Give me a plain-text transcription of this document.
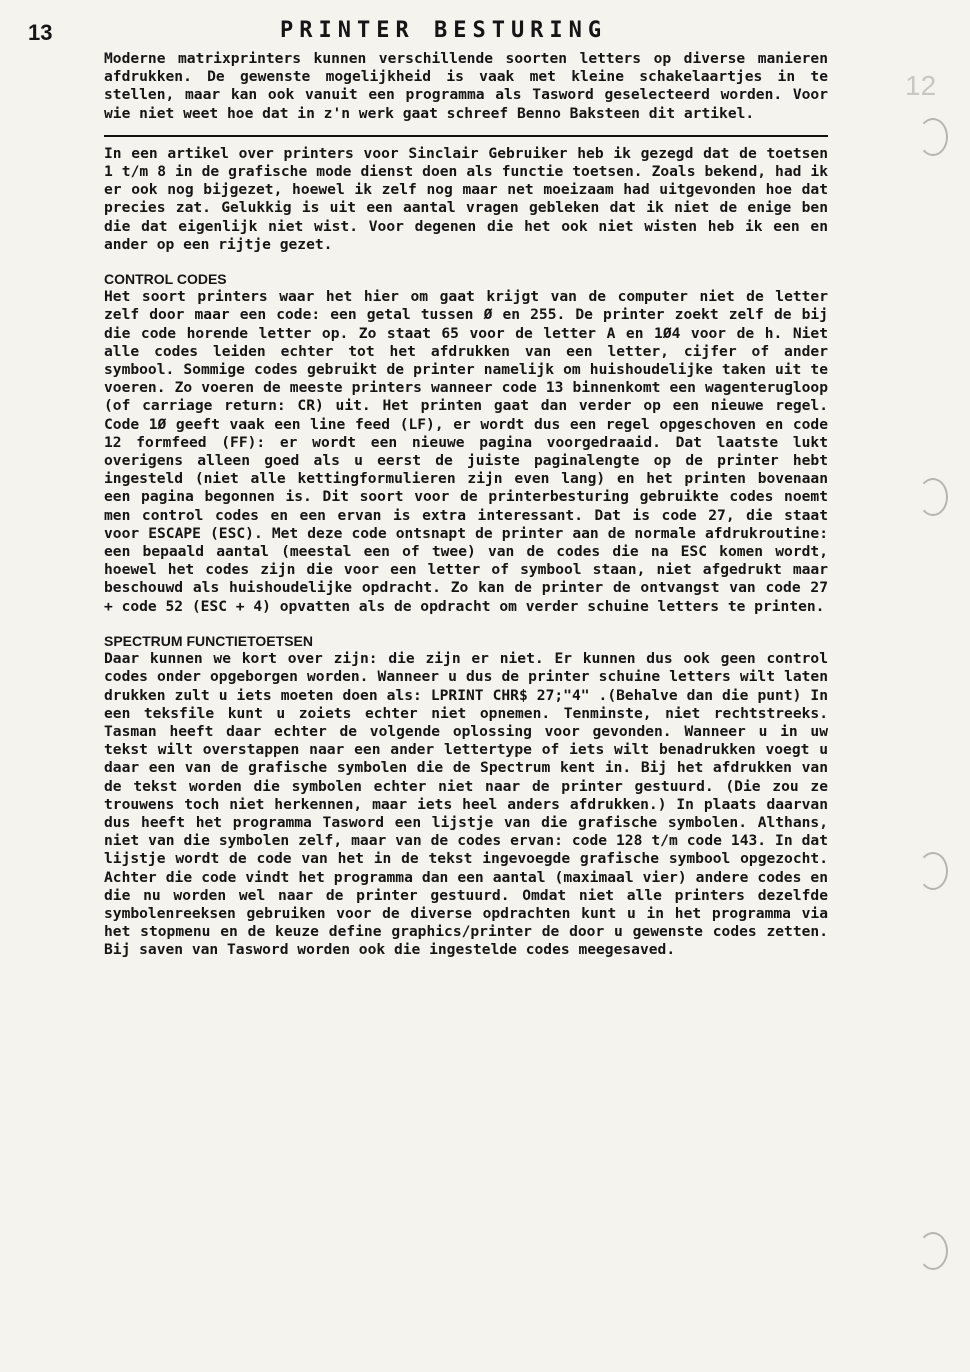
13	PRINTER BESTURING
12

Moderne matrixprinters kunnen verschillende soorten letters op diverse manieren afdrukken. De gewenste mogelijkheid is vaak met kleine schakelaartjes in te stellen, maar kan ook vanuit een programma als Tasword geselecteerd worden. Voor wie niet weet hoe dat in z'n werk gaat schreef Benno Baksteen dit artikel.

In een artikel over printers voor Sinclair Gebruiker heb ik gezegd dat de toetsen 1 t/m 8 in de grafische mode dienst doen als functie toetsen. Zoals bekend, had ik er ook nog bijgezet, hoewel ik zelf nog maar net moeizaam had uitgevonden hoe dat precies zat. Gelukkig is uit een aantal vragen gebleken dat ik niet de enige ben die dat eigenlijk niet wist. Voor degenen die het ook niet wisten heb ik een en ander op een rijtje gezet.

CONTROL CODES

Het soort printers waar het hier om gaat krijgt van de computer niet de letter zelf door maar een code: een getal tussen Ø en 255. De printer zoekt zelf de bij die code horende letter op. Zo staat 65 voor de letter A en 1Ø4 voor de h. Niet alle codes leiden echter tot het afdrukken van een letter, cijfer of ander symbool. Sommige codes gebruikt de printer namelijk om huishoudelijke taken uit te voeren. Zo voeren de meeste printers wanneer code 13 binnenkomt een wagenterugloop (of carriage return: CR) uit. Het printen gaat dan verder op een nieuwe regel. Code 1Ø geeft vaak een line feed (LF), er wordt dus een regel opgeschoven en code 12 formfeed (FF): er wordt een nieuwe pagina voorgedraaid. Dat laatste lukt overigens alleen goed als u eerst de juiste paginalengte op de printer hebt ingesteld (niet alle kettingformulieren zijn even lang) en het printen bovenaan een pagina begonnen is. Dit soort voor de printerbesturing gebruikte codes noemt men control codes en een ervan is extra interessant. Dat is code 27, die staat voor ESCAPE (ESC). Met deze code ontsnapt de printer aan de normale afdrukroutine: een bepaald aantal (meestal een of twee) van de codes die na ESC komen wordt, hoewel het codes zijn die voor een letter of symbool staan, niet afgedrukt maar beschouwd als huishoudelijke opdracht. Zo kan de printer de ontvangst van code 27 + code 52 (ESC + 4) opvatten als de opdracht om verder schuine letters te printen.

SPECTRUM FUNCTIETOETSEN

Daar kunnen we kort over zijn: die zijn er niet. Er kunnen dus ook geen control codes onder opgeborgen worden. Wanneer u dus de printer schuine letters wilt laten drukken zult u iets moeten doen als: LPRINT CHR$ 27;"4" .(Behalve dan die punt) In een teksfile kunt u zoiets echter niet opnemen. Tenminste, niet rechtstreeks. Tasman heeft daar echter de volgende oplossing voor gevonden. Wanneer u in uw tekst wilt overstappen naar een ander lettertype of iets wilt benadrukken voegt u daar een van de grafische symbolen die de Spectrum kent in. Bij het afdrukken van de tekst worden die symbolen echter niet naar de printer gestuurd. (Die zou ze trouwens toch niet herkennen, maar iets heel anders afdrukken.) In plaats daarvan dus heeft het programma Tasword een lijstje van die grafische symbolen. Althans, niet van die symbolen zelf, maar van de codes ervan: code 128 t/m code 143. In dat lijstje wordt de code van het in de tekst ingevoegde grafische symbool opgezocht. Achter die code vindt het programma dan een aantal (maximaal vier) andere codes en die nu worden wel naar de printer gestuurd. Omdat niet alle printers dezelfde symbolenreeksen gebruiken voor de diverse opdrachten kunt u in het programma via het stopmenu en de keuze define graphics/printer de door u gewenste codes zetten. Bij saven van Tasword worden ook die ingestelde codes meegesaved.
